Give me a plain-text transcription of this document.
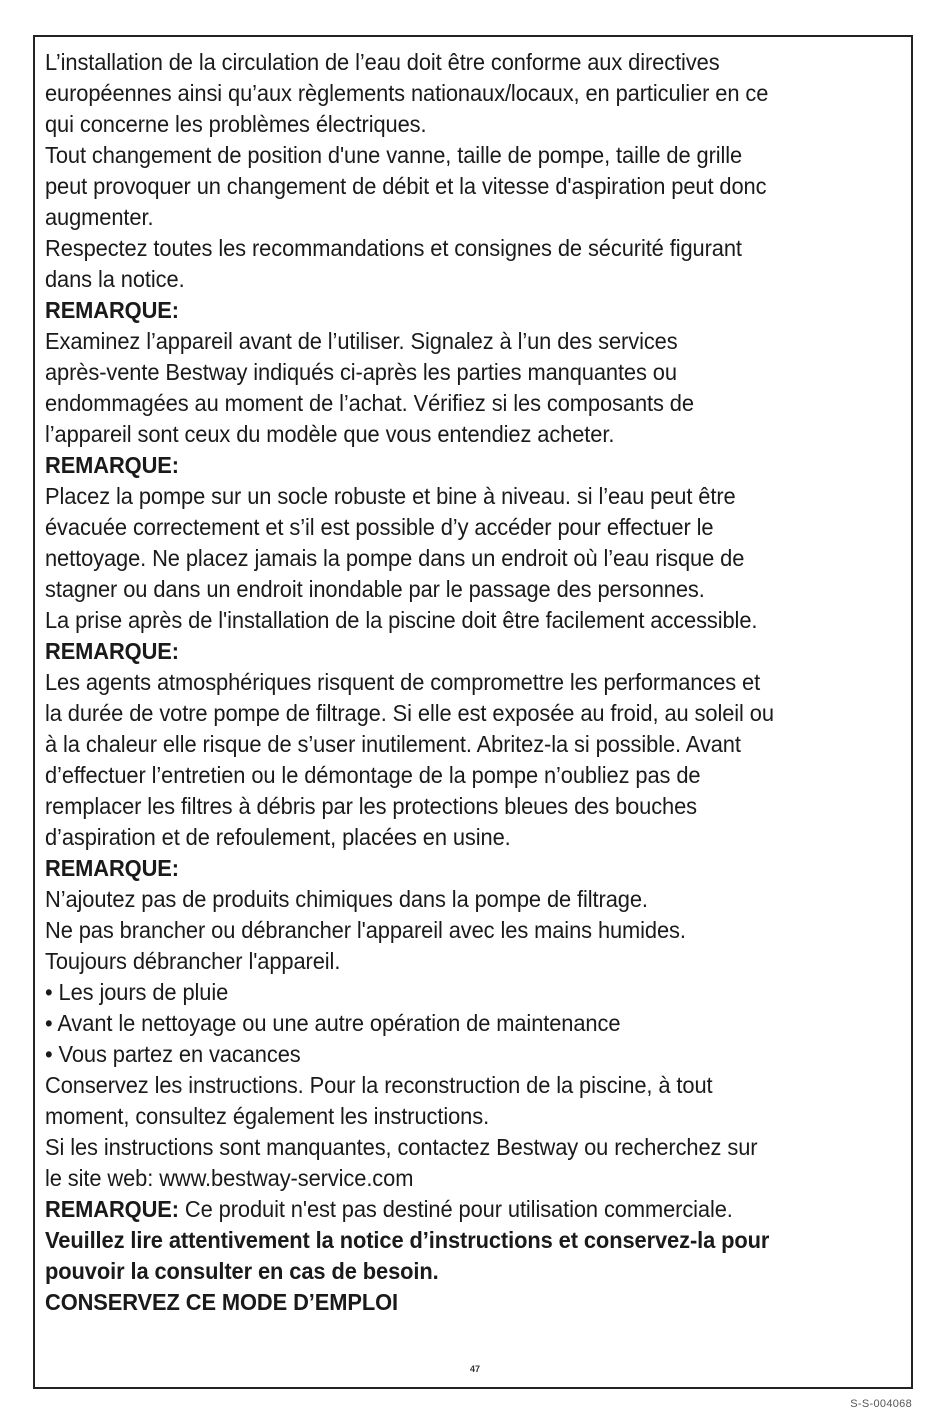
L’installation de la circulation de l’eau doit être conforme aux directives
européennes ainsi qu’aux règlements nationaux/locaux, en particulier en ce
qui concerne les problèmes électriques.
Tout changement de position d'une vanne, taille de pompe, taille de grille
peut provoquer un changement de débit et la vitesse d'aspiration peut donc
augmenter.
Respectez toutes les recommandations et consignes de sécurité figurant
dans la notice.
REMARQUE:
Examinez l’appareil avant de l’utiliser. Signalez à l’un des services
après-vente Bestway indiqués ci-après les parties manquantes ou
endommagées au moment de l’achat. Vérifiez si les composants de
l’appareil sont ceux du modèle que vous entendiez acheter.
REMARQUE:
Placez la pompe sur un socle robuste et bine à niveau. si l’eau peut être
évacuée correctement et s’il est possible d’y accéder pour effectuer le
nettoyage. Ne placez jamais la pompe dans un endroit où l’eau risque de
stagner ou dans un endroit inondable par le passage des personnes.
La prise après de l'installation de la piscine doit être facilement accessible.
REMARQUE:
Les agents atmosphériques risquent de compromettre les performances et
la durée de votre pompe de filtrage. Si elle est exposée au froid, au soleil ou
à la chaleur elle risque de s’user inutilement. Abritez-la si possible. Avant
d’effectuer l’entretien ou le démontage de la pompe n’oubliez pas de
remplacer les filtres à débris par les protections bleues des bouches
d’aspiration et de refoulement, placées en usine.
REMARQUE:
N’ajoutez pas de produits chimiques dans la pompe de filtrage.
Ne pas brancher ou débrancher l'appareil avec les mains humides.
Toujours débrancher l'appareil.
• Les jours de pluie
• Avant le nettoyage ou une autre opération de maintenance
• Vous partez en vacances
Conservez les instructions. Pour la reconstruction de la piscine, à tout
moment, consultez également les instructions.
Si les instructions sont manquantes, contactez Bestway ou recherchez sur
le site web: www.bestway-service.com
REMARQUE: Ce produit n'est pas destiné pour utilisation commerciale.
Veuillez lire attentivement la notice d’instructions et conservez-la pour
pouvoir la consulter en cas de besoin.
CONSERVEZ CE MODE D’EMPLOI
47
S-S-004068
